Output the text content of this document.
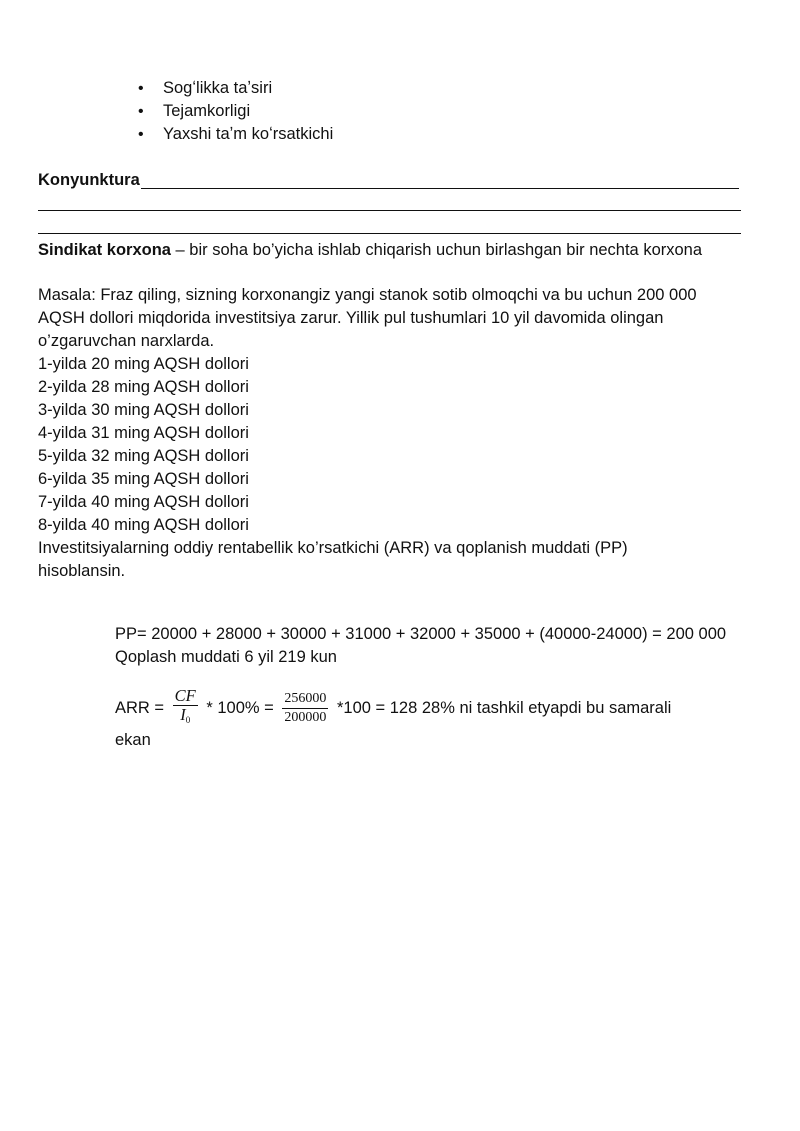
• Sogʻlikka taʼsiri
• Tejamkorligi
• Yaxshi taʼm koʻrsatkichi
Konyunktura
Sindikat korxona – bir soha bo’yicha ishlab chiqarish uchun birlashgan bir nechta korxona

Masala: Fraz qiling, sizning korxonangiz yangi stanok sotib olmoqchi va bu uchun 200 000

AQSH dollori miqdorida investitsiya zarur. Yillik pul tushumlari 10 yil davomida olingan

o’zgaruvchan narxlarda.

1-yilda 20 ming AQSH dollori

2-yilda 28 ming AQSH dollori

3-yilda 30 ming AQSH dollori

4-yilda 31 ming AQSH dollori

5-yilda 32 ming AQSH dollori

6-yilda 35 ming AQSH dollori

7-yilda 40 ming AQSH dollori

8-yilda 40 ming AQSH dollori

Investitsiyalarning oddiy rentabellik ko’rsatkichi (ARR) va qoplanish muddati (PP)

hisoblansin.

PP= 20000 + 28000 + 30000 + 31000 + 32000 + 35000 + (40000-24000) = 200 000

Qoplash muddati 6 yil 219 kun

ARR = $\frac{CF}{I_0} * 100\% = \frac{256000}{200000} *100 = 128$ 28% ni tashkil etyapdi bu samarali
ekan
